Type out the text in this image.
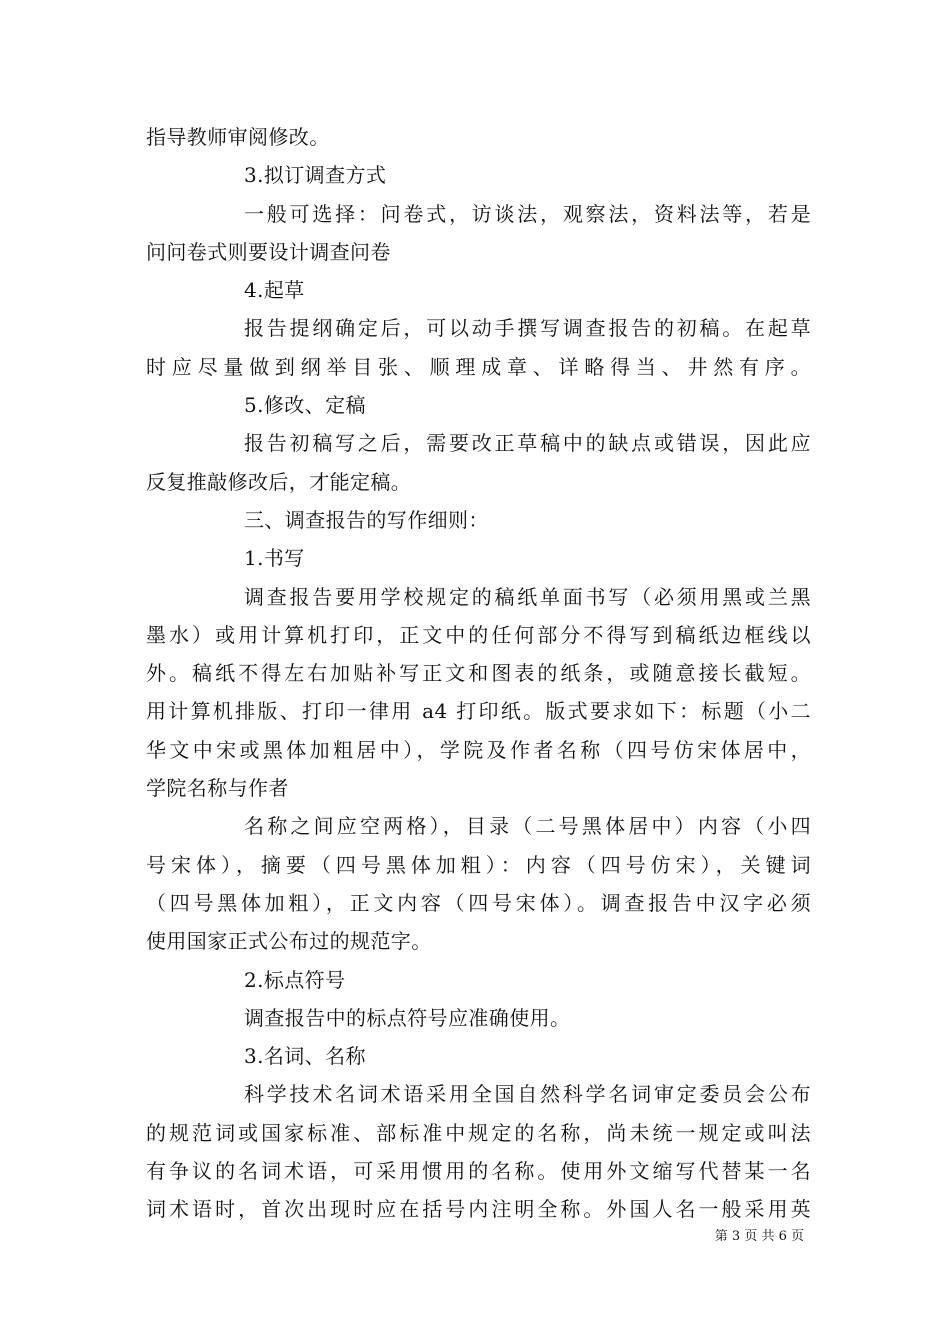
指导教师审阅修改。
3.拟订调查方式
一般可选择：问卷式，访谈法，观察法，资料法等，若是
问问卷式则要设计调查问卷
4.起草
报告提纲确定后，可以动手撰写调查报告的初稿。在起草
时应尽量做到纲举目张、顺理成章、详略得当、井然有序。
5.修改、定稿
报告初稿写之后，需要改正草稿中的缺点或错误，因此应
反复推敲修改后，才能定稿。
三、调查报告的写作细则：
1.书写
调查报告要用学校规定的稿纸单面书写（必须用黑或兰黑
墨水）或用计算机打印，正文中的任何部分不得写到稿纸边框线以
外。稿纸不得左右加贴补写正文和图表的纸条，或随意接长截短。
用计算机排版、打印一律用 a4 打印纸。版式要求如下：标题（小二
华文中宋或黑体加粗居中），学院及作者名称（四号仿宋体居中，
学院名称与作者
名称之间应空两格），目录（二号黑体居中）内容（小四
号宋体），摘要（四号黑体加粗）：内容（四号仿宋），关键词
（四号黑体加粗），正文内容（四号宋体）。调查报告中汉字必须
使用国家正式公布过的规范字。
2.标点符号
调查报告中的标点符号应准确使用。
3.名词、名称
科学技术名词术语采用全国自然科学名词审定委员会公布
的规范词或国家标准、部标准中规定的名称，尚未统一规定或叫法
有争议的名词术语，可采用惯用的名称。使用外文缩写代替某一名
词术语时，首次出现时应在括号内注明全称。外国人名一般采用英
第 3 页 共 6 页
